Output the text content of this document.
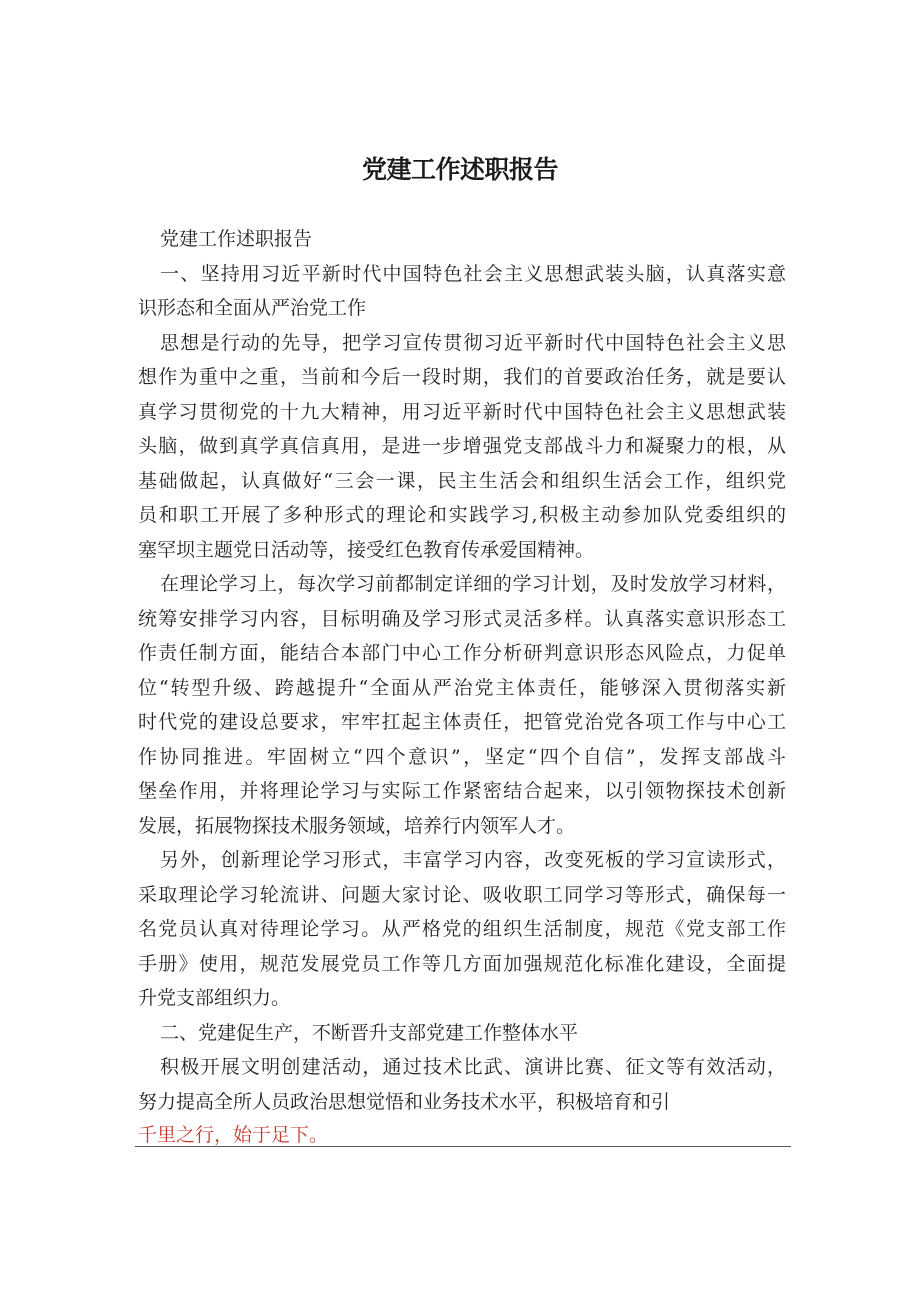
党建工作述职报告
党建工作述职报告
一、坚持用习近平新时代中国特色社会主义思想武装头脑，认真落实意
识形态和全面从严治党工作
思想是行动的先导，把学习宣传贯彻习近平新时代中国特色社会主义思
想作为重中之重，当前和今后一段时期，我们的首要政治任务，就是要认
真学习贯彻党的十九大精神，用习近平新时代中国特色社会主义思想武装
头脑，做到真学真信真用，是进一步增强党支部战斗力和凝聚力的根，从
基础做起，认真做好“三会一课，民主生活会和组织生活会工作，组织党
员和职工开展了多种形式的理论和实践学习,积极主动参加队党委组织的
塞罕坝主题党日活动等，接受红色教育传承爱国精神。
在理论学习上，每次学习前都制定详细的学习计划，及时发放学习材料，
统筹安排学习内容，目标明确及学习形式灵活多样。认真落实意识形态工
作责任制方面，能结合本部门中心工作分析研判意识形态风险点，力促单
位“转型升级、跨越提升“全面从严治党主体责任，能够深入贯彻落实新
时代党的建设总要求，牢牢扛起主体责任，把管党治党各项工作与中心工
作协同推进。牢固树立“四个意识”，坚定“四个自信”，发挥支部战斗
堡垒作用，并将理论学习与实际工作紧密结合起来，以引领物探技术创新
发展，拓展物探技术服务领域，培养行内领军人才。
另外，创新理论学习形式，丰富学习内容，改变死板的学习宣读形式，
采取理论学习轮流讲、问题大家讨论、吸收职工同学习等形式，确保每一
名党员认真对待理论学习。从严格党的组织生活制度，规范《党支部工作
手册》使用，规范发展党员工作等几方面加强规范化标准化建设，全面提
升党支部组织力。
二、党建促生产，不断晋升支部党建工作整体水平
积极开展文明创建活动，通过技术比武、演讲比赛、征文等有效活动，
努力提高全所人员政治思想觉悟和业务技术水平，积极培育和引
千里之行，始于足下。
